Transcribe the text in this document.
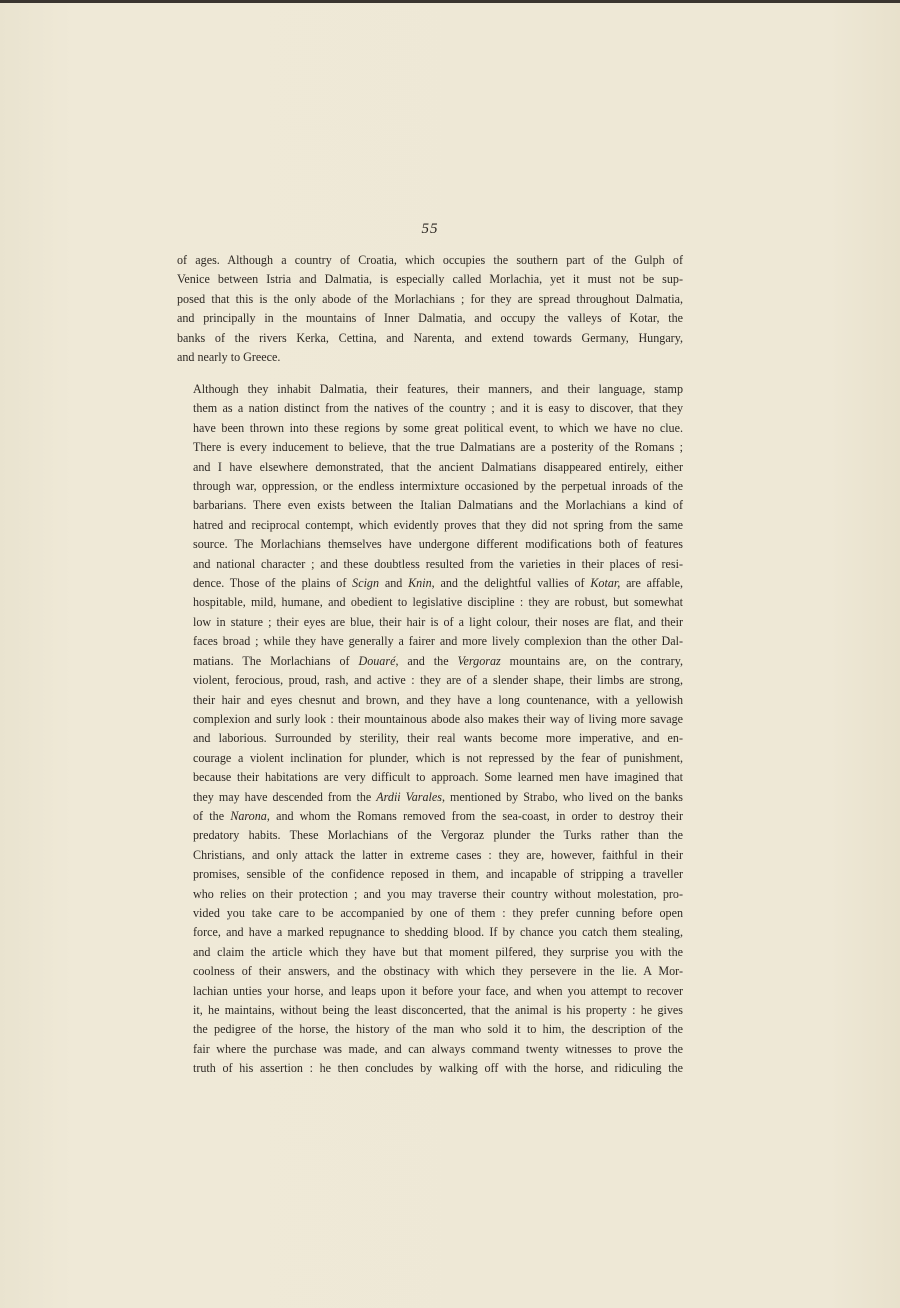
55
of ages. Although a country of Croatia, which occupies the southern part of the Gulph of
Venice between Istria and Dalmatia, is especially called Morlachia, yet it must not be sup-
posed that this is the only abode of the Morlachians ; for they are spread throughout Dalmatia,
and principally in the mountains of Inner Dalmatia, and occupy the valleys of Kotar, the
banks of the rivers Kerka, Cettina, and Narenta, and extend towards Germany, Hungary,
and nearly to Greece.
Although they inhabit Dalmatia, their features, their manners, and their language, stamp
them as a nation distinct from the natives of the country ; and it is easy to discover, that they
have been thrown into these regions by some great political event, to which we have no clue.
There is every inducement to believe, that the true Dalmatians are a posterity of the Romans ;
and I have elsewhere demonstrated, that the ancient Dalmatians disappeared entirely, either
through war, oppression, or the endless intermixture occasioned by the perpetual inroads of the
barbarians. There even exists between the Italian Dalmatians and the Morlachians a kind of
hatred and reciprocal contempt, which evidently proves that they did not spring from the same
source. The Morlachians themselves have undergone different modifications both of features
and national character ; and these doubtless resulted from the varieties in their places of resi-
dence. Those of the plains of Scign and Knin, and the delightful vallies of Kotar, are affable,
hospitable, mild, humane, and obedient to legislative discipline : they are robust, but somewhat
low in stature ; their eyes are blue, their hair is of a light colour, their noses are flat, and their
faces broad ; while they have generally a fairer and more lively complexion than the other Dal-
matians. The Morlachians of Douaré, and the Vergoraz mountains are, on the contrary,
violent, ferocious, proud, rash, and active : they are of a slender shape, their limbs are strong,
their hair and eyes chesnut and brown, and they have a long countenance, with a yellowish
complexion and surly look : their mountainous abode also makes their way of living more savage
and laborious. Surrounded by sterility, their real wants become more imperative, and en-
courage a violent inclination for plunder, which is not repressed by the fear of punishment,
because their habitations are very difficult to approach. Some learned men have imagined that
they may have descended from the Ardii Varales, mentioned by Strabo, who lived on the banks
of the Narona, and whom the Romans removed from the sea-coast, in order to destroy their
predatory habits. These Morlachians of the Vergoraz plunder the Turks rather than the
Christians, and only attack the latter in extreme cases : they are, however, faithful in their
promises, sensible of the confidence reposed in them, and incapable of stripping a traveller
who relies on their protection ; and you may traverse their country without molestation, pro-
vided you take care to be accompanied by one of them : they prefer cunning before open
force, and have a marked repugnance to shedding blood. If by chance you catch them stealing,
and claim the article which they have but that moment pilfered, they surprise you with the
coolness of their answers, and the obstinacy with which they persevere in the lie. A Mor-
lachian unties your horse, and leaps upon it before your face, and when you attempt to recover
it, he maintains, without being the least disconcerted, that the animal is his property : he gives
the pedigree of the horse, the history of the man who sold it to him, the description of the
fair where the purchase was made, and can always command twenty witnesses to prove the
truth of his assertion : he then concludes by walking off with the horse, and ridiculing the
